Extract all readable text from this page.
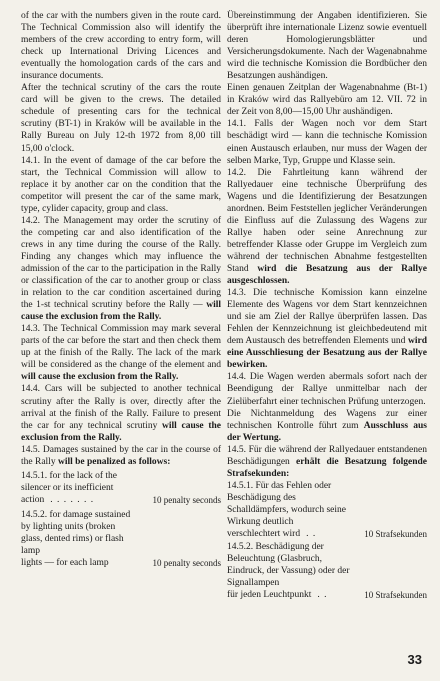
of the car with the numbers given in the route card. The Technical Commission also will identify the members of the crew according to entry form, will check up International Driving Licences and eventually the homologation cards of the cars and insurance documents.

After the technical scrutiny of the cars the route card will be given to the crews. The detailed schedule of presenting cars for the technical scrutiny (BT-1) in Kraków will be available in the Rally Bureau on July 12-th 1972 from 8,00 till 15,00 o'clock.

14.1. In the event of damage of the car before the start, the Technical Commission will allow to replace it by another car on the condition that the competitor will present the car of the same mark, type, cylider capacity, group and class.

14.2. The Management may order the scrutiny of the competing car and also identification of the crews in any time during the course of the Rally. Finding any changes which may influence the admission of the car to the participation in the Rally or classification of the car to another group or class in relation to the car condition ascertained during the 1-st technical scrutiny before the Rally — will cause the exclusion from the Rally.

14.3. The Technical Commission may mark several parts of the car before the start and then check them up at the finish of the Rally. The lack of the mark will be considered as the change of the element and will cause the exclusion from the Rally.

14.4. Cars will be subjected to another technical scrutiny after the Rally is over, directly after the arrival at the finish of the Rally. Failure to present the car for any technical scrutiny will cause the exclusion from the Rally.

14.5. Damages sustained by the car in the course of the Rally will be penalized as follows:

14.5.1. for the lack of the silencer or its inefficient

action . . . . . . .	10 penalty seconds

14.5.2. for damage sustained by lighting units (broken glass, dented rims) or flash lamp

lights — for each lamp	10 penalty seconds

Übereinstimmung der Angaben identifizieren. Sie überprüft ihre internationale Lizenz sowie eventuell deren Homologierungsblätter und Versicherungsdokumente. Nach der Wagenabnahme wird die technische Komission die Bordbücher den Besatzungen aushändigen.

Einen genauen Zeitplan der Wagenabnahme (Bt-1) in Kraków wird das Rallyebüro am 12. VII. 72 in der Zeit von 8,00—15,00 Uhr aushändigen.

14.1. Falls der Wagen noch vor dem Start beschädigt wird — kann die technische Komission einen Austausch erlauben, nur muss der Wagen der selben Marke, Typ, Gruppe und Klasse sein.

14.2. Die Fahrtleitung kann während der Rallyedauer eine technische Überprüfung des Wagens und die Identifizierung der Besatzungen anordnen. Beim Feststellen jeglicher Veränderungen die Einfluss auf die Zulassung des Wagens zur Rallye haben oder seine Anrechnung zur betreffender Klasse oder Gruppe im Vergleich zum während der technischen Abnahme festgestellten Stand wird die Besatzung aus der Rallye ausgeschlossen.

14.3. Die technische Komission kann einzelne Elemente des Wagens vor dem Start kennzeichnen und sie am Ziel der Rallye überprüfen lassen. Das Fehlen der Kennzeichnung ist gleichbedeutend mit dem Austausch des betreffenden Elements und wird eine Ausschliesung der Besatzung aus der Rallye bewirken.

14.4. Die Wagen werden abermals sofort nach der Beendigung der Rallye unmittelbar nach der Zielüberfahrt einer technischen Prüfung unterzogen.

Die Nichtanmeldung des Wagens zur einer technischen Kontrolle führt zum Ausschluss aus der Wertung.

14.5. Für die während der Rallyedauer entstandenen Beschädigungen erhält die Besatzung folgende Strafsekunden:

14.5.1. Für das Fehlen oder Beschädigung des Schalldämpfers, wodurch seine Wirkung deutlich

verschlechtert wird . .	10 Strafsekunden

14.5.2. Beschädigung der Beleuchtung (Glasbruch, Eindruck, der Vassung) oder der Signallampen

für jeden Leuchtpunkt . .	10 Strafsekunden

33
